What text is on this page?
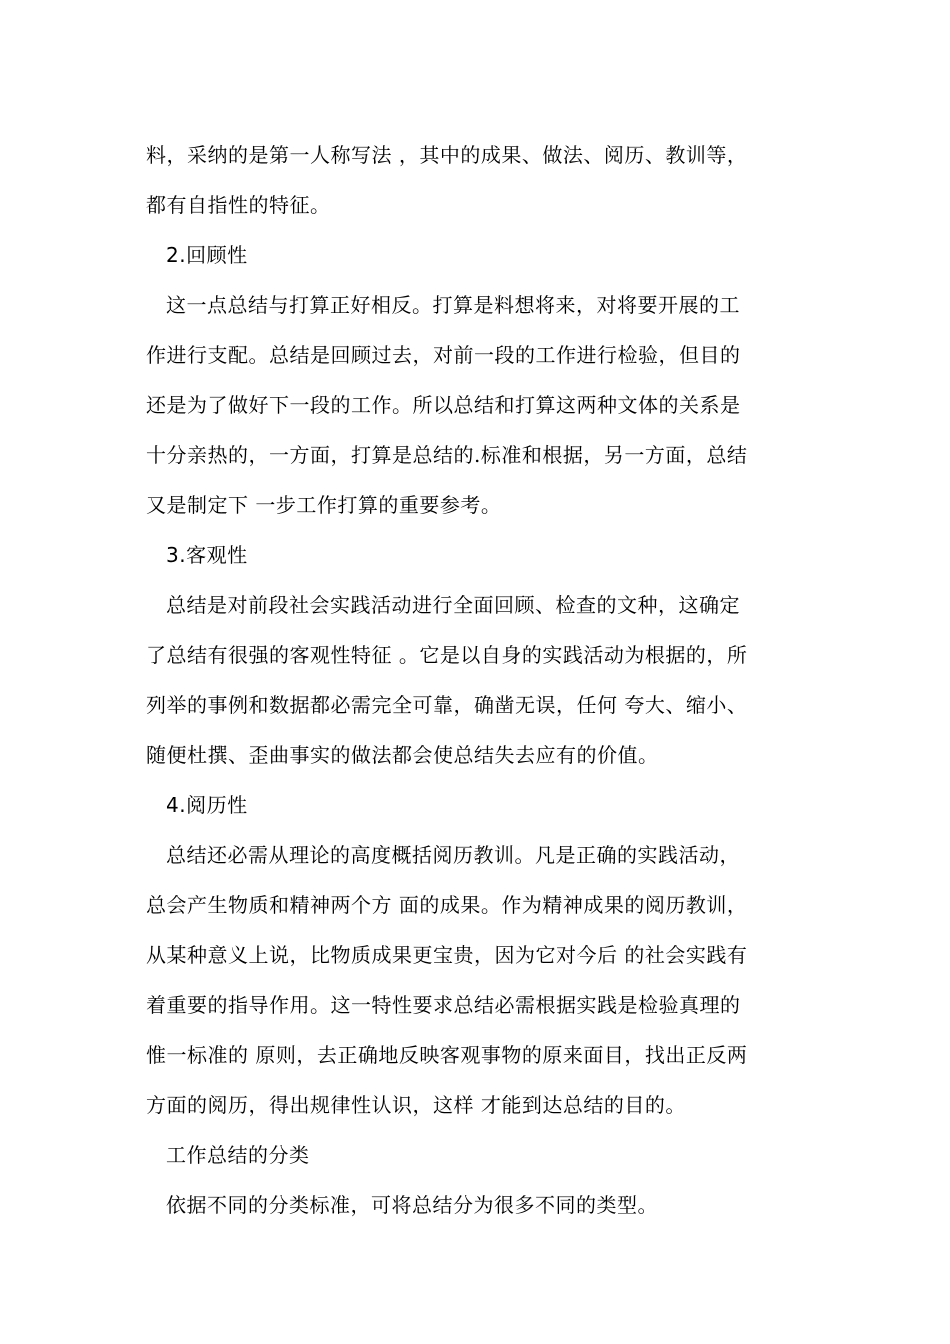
料，采纳的是第一人称写法 ，其中的成果、做法、阅历、教训等，
都有自指性的特征。
2.回顾性
这一点总结与打算正好相反。打算是料想将来，对将要开展的工
作进行支配。总结是回顾过去，对前一段的工作进行检验，但目的
还是为了做好下一段的工作。所以总结和打算这两种文体的关系是
十分亲热的，一方面，打算是总结的.标准和根据，另一方面，总结
又是制定下 一步工作打算的重要参考。
3.客观性
总结是对前段社会实践活动进行全面回顾、检查的文种，这确定
了总结有很强的客观性特征 。它是以自身的实践活动为根据的，所
列举的事例和数据都必需完全可靠，确凿无误，任何 夸大、缩小、
随便杜撰、歪曲事实的做法都会使总结失去应有的价值。
4.阅历性
总结还必需从理论的高度概括阅历教训。凡是正确的实践活动，
总会产生物质和精神两个方 面的成果。作为精神成果的阅历教训，
从某种意义上说，比物质成果更宝贵，因为它对今后 的社会实践有
着重要的指导作用。这一特性要求总结必需根据实践是检验真理的
惟一标准的 原则，去正确地反映客观事物的原来面目，找出正反两
方面的阅历，得出规律性认识，这样 才能到达总结的目的。
工作总结的分类
依据不同的分类标准，可将总结分为很多不同的类型。
